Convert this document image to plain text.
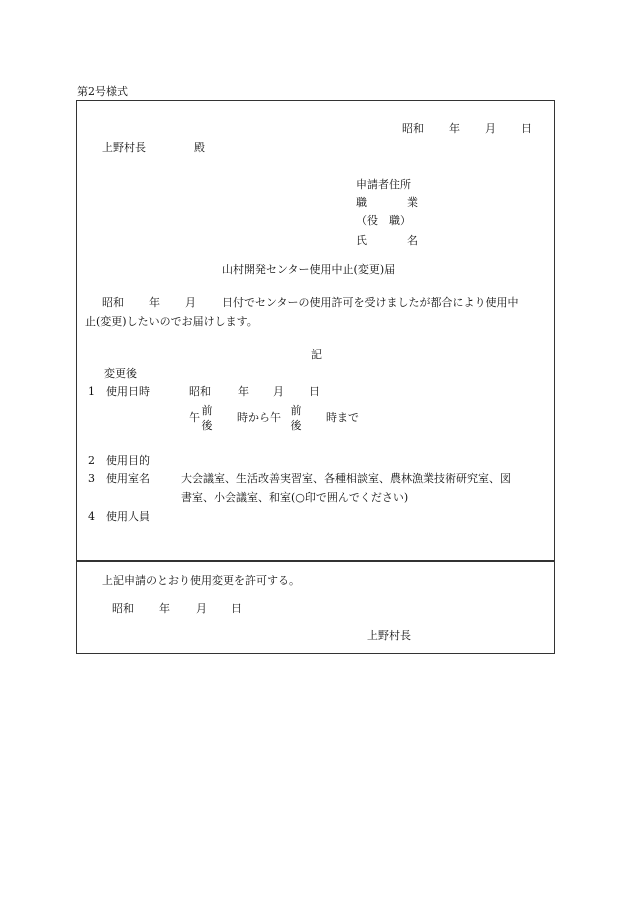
第2号様式
昭和 年 月 日
上野村長	殿
申請者住所
職　　業
（役　職）
氏　　名
山村開発センター使用中止(変更)届
昭和 年 月 日付でセンターの使用許可を受けましたが都合により使用中
止(変更)したいのでお届けします。
記
変更後
1 使用日時	昭和 年 月 日
午
前
後
時から午
前
後
時まで
2 使用目的
3 使用室名	大会議室、生活改善実習室、各種相談室、農林漁業技術研究室、図
書室、小会議室、和室(○印で囲んでください)
4 使用人員
上記申請のとおり使用変更を許可する。
昭和 年 月 日
上野村長
